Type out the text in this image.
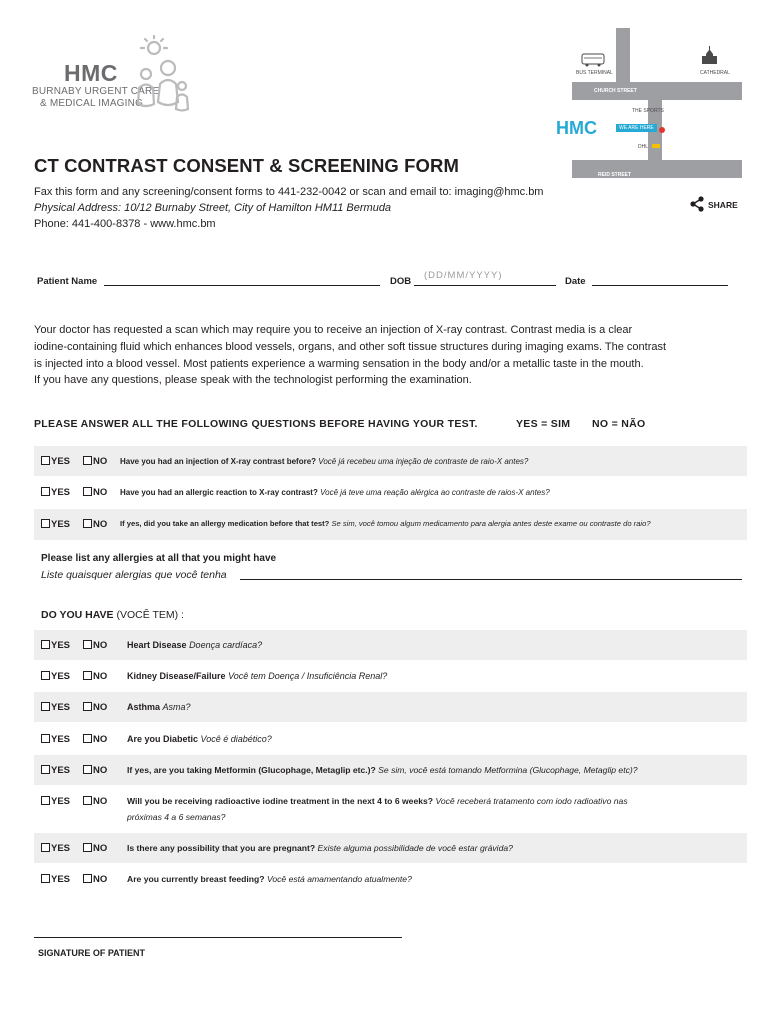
HMC
BURNABY URGENT CARE
& MEDICAL IMAGING
BUS TERMINAL	CATHEDRAL
CEDAR AVE
CHURCH STREET
THE SPORTS BURNABY STREET
HMC	WE ARE HERE
DHL
REID STREET
CT CONTRAST CONSENT & SCREENING FORM
Fax this form and any screening/consent forms to 441-232-0042 or scan and email to: imaging@hmc.bm
Physical Address: 10/12 Burnaby Street, City of Hamilton HM11 Bermuda
Phone: 441-400-8378 - www.hmc.bm
SHARE
Patient Name	DOB
(DD/MM/YYYY)
Date
Your doctor has requested a scan which may require you to receive an injection of X-ray contrast. Contrast media is a clear
iodine-containing fluid which enhances blood vessels, organs, and other soft tissue structures during imaging exams. The contrast
is injected into a blood vessel. Most patients experience a warming sensation in the body and/or a metallic taste in the mouth.
If you have any questions, please speak with the technologist performing the examination.
PLEASE ANSWER ALL THE FOLLOWING QUESTIONS BEFORE HAVING YOUR TEST.	YES = SIM NO = NÃO
YES	NO Have you had an injection of X-ray contrast before? Você já recebeu uma injeção de contraste de raio-X antes?
YES	NO Have you had an allergic reaction to X-ray contrast? Você já teve uma reação alérgica ao contraste de raios-X antes?
YES	NO If yes, did you take an allergy medication before that test? Se sim, você tomou algum medicamento para alergia antes deste exame ou contraste do raio?
Please list any allergies at all that you might have
Liste quaisquer alergias que você tenha
DO YOU HAVE (VOCÊ TEM) :
YES	NO Heart Disease Doença cardíaca?
YES	NO Kidney Disease/Failure Você tem Doença / Insuficiência Renal?
YES	NO Asthma Asma?
YES	NO Are you Diabetic Você é diabético?
YES	NO If yes, are you taking Metformin (Glucophage, Metaglip etc.)? Se sim, você está tomando Metformina (Glucophage, Metaglip etc)?
YES	NO Will you be receiving radioactive iodine treatment in the next 4 to 6 weeks? Você receberá tratamento com iodo radioativo nas
próximas 4 a 6 semanas?
YES	NO Is there any possibility that you are pregnant? Existe alguma possibilidade de você estar grávida?
YES	NO Are you currently breast feeding? Você está amamentando atualmente?
SIGNATURE OF PATIENT
